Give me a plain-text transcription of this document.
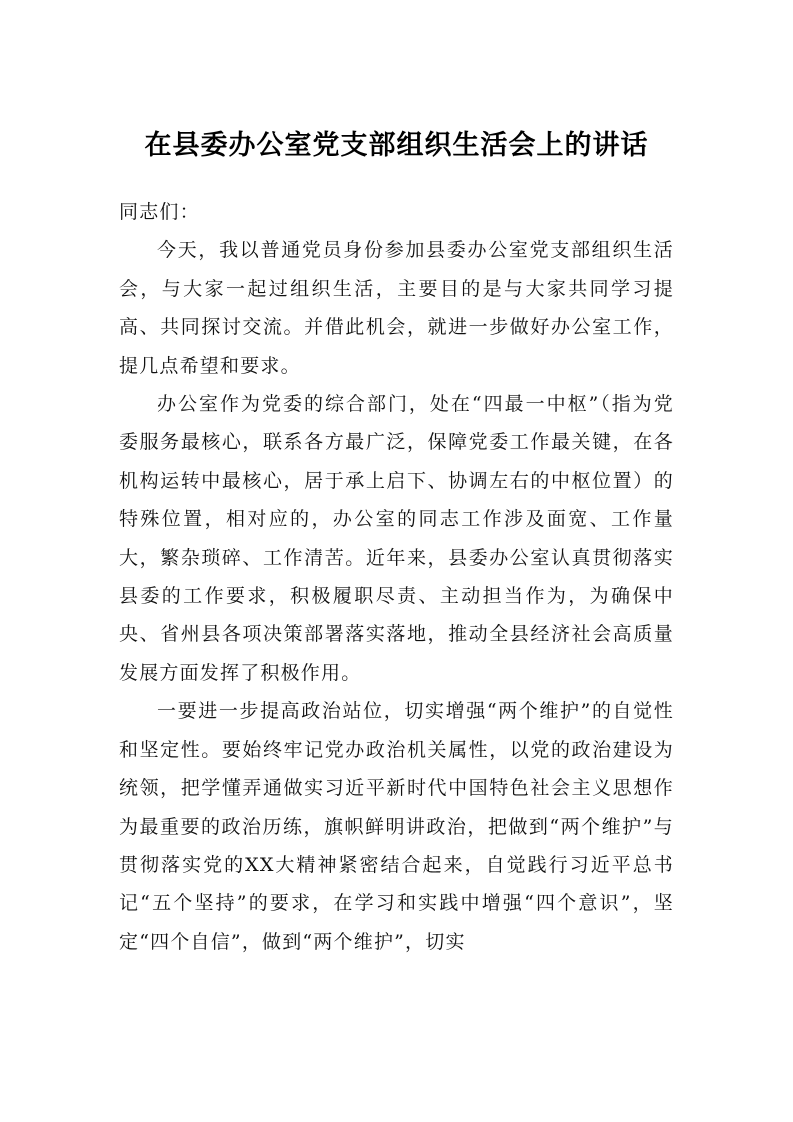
在县委办公室党支部组织生活会上的讲话

同志们：

今天，我以普通党员身份参加县委办公室党支部组织生活会，与大家一起过组织生活，主要目的是与大家共同学习提高、共同探讨交流。并借此机会，就进一步做好办公室工作，提几点希望和要求。

办公室作为党委的综合部门，处在“四最一中枢”（指为党委服务最核心，联系各方最广泛，保障党委工作最关键，在各机构运转中最核心，居于承上启下、协调左右的中枢位置）的特殊位置，相对应的，办公室的同志工作涉及面宽、工作量大，繁杂琐碎、工作清苦。近年来，县委办公室认真贯彻落实县委的工作要求，积极履职尽责、主动担当作为，为确保中央、省州县各项决策部署落实落地，推动全县经济社会高质量发展方面发挥了积极作用。

一要进一步提高政治站位，切实增强“两个维护”的自觉性和坚定性。要始终牢记党办政治机关属性，以党的政治建设为统领，把学懂弄通做实习近平新时代中国特色社会主义思想作为最重要的政治历练，旗帜鲜明讲政治，把做到“两个维护”与贯彻落实党的XX大精神紧密结合起来，自觉践行习近平总书记“五个坚持”的要求，在学习和实践中增强“四个意识”，坚定“四个自信”，做到“两个维护”，切实
